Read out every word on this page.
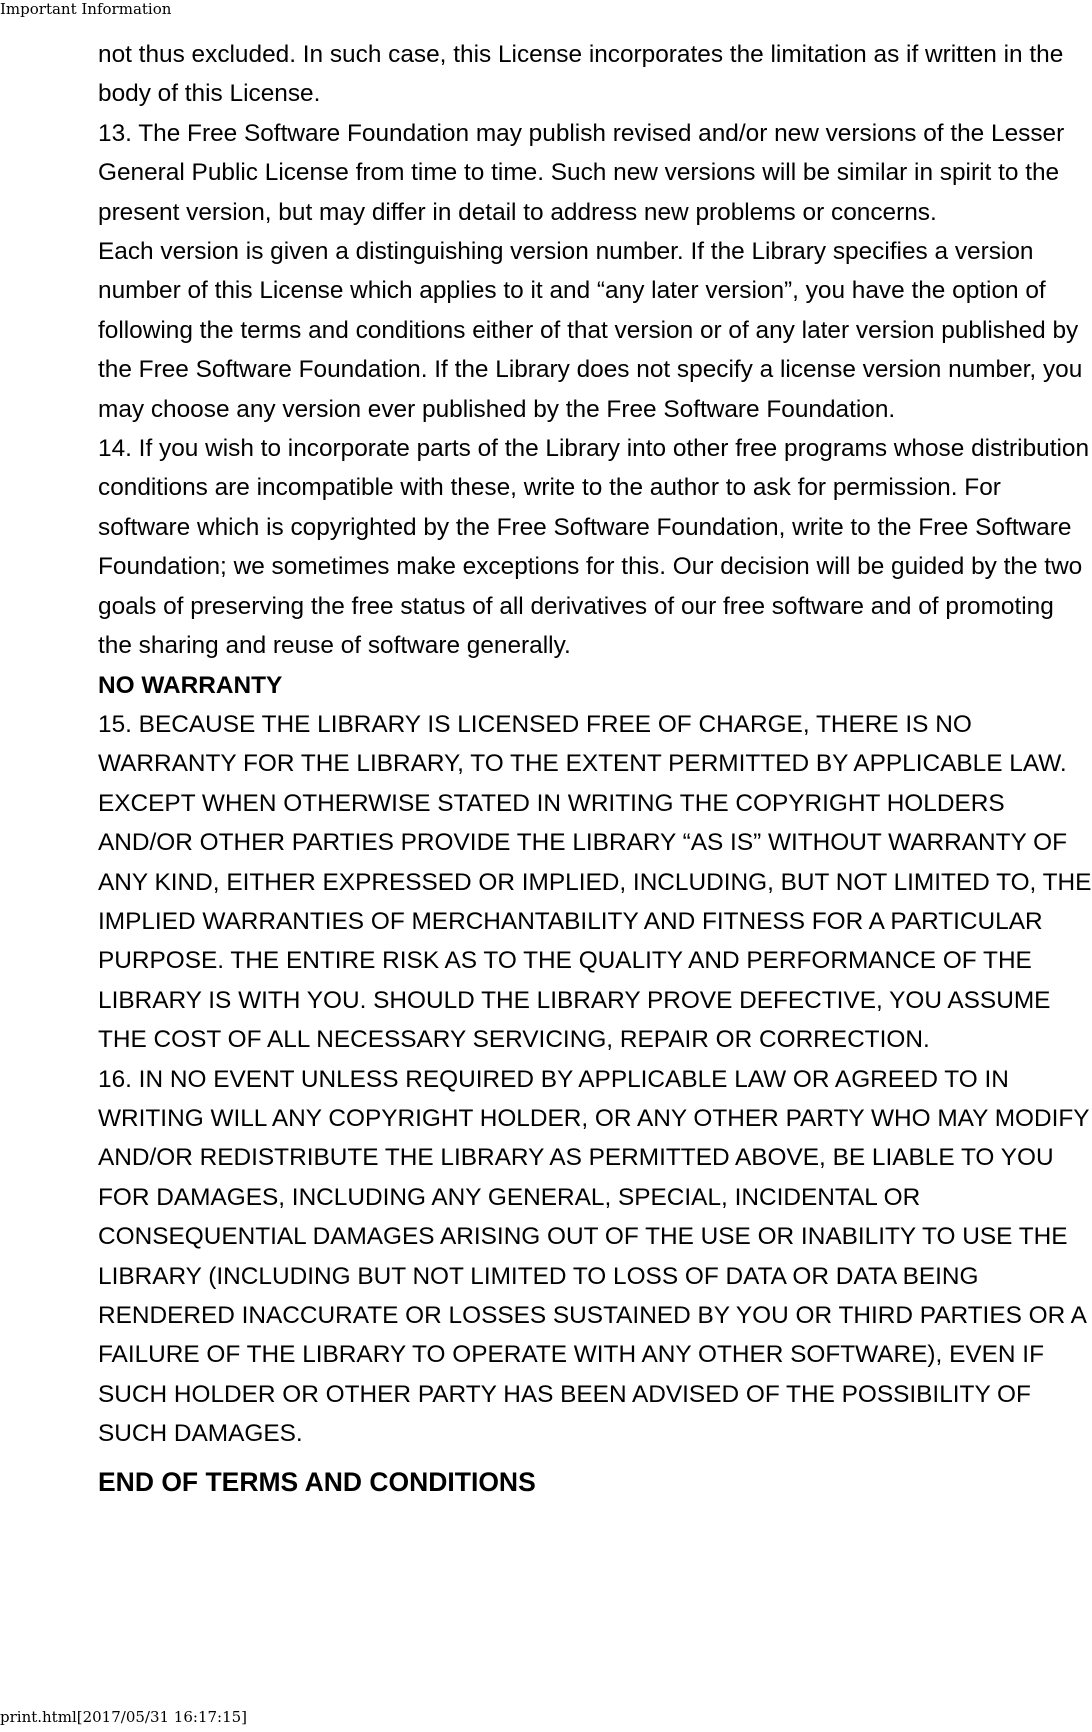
Important Information

not thus excluded. In such case, this License incorporates the limitation as if written in the body of this License.

13. The Free Software Foundation may publish revised and/or new versions of the Lesser General Public License from time to time. Such new versions will be similar in spirit to the present version, but may differ in detail to address new problems or concerns.

Each version is given a distinguishing version number. If the Library specifies a version number of this License which applies to it and “any later version”, you have the option of following the terms and conditions either of that version or of any later version published by the Free Software Foundation. If the Library does not specify a license version number, you may choose any version ever published by the Free Software Foundation.

14. If you wish to incorporate parts of the Library into other free programs whose distribution conditions are incompatible with these, write to the author to ask for permission. For software which is copyrighted by the Free Software Foundation, write to the Free Software Foundation; we sometimes make exceptions for this. Our decision will be guided by the two goals of preserving the free status of all derivatives of our free software and of promoting the sharing and reuse of software generally.

NO WARRANTY

15. BECAUSE THE LIBRARY IS LICENSED FREE OF CHARGE, THERE IS NO WARRANTY FOR THE LIBRARY, TO THE EXTENT PERMITTED BY APPLICABLE LAW. EXCEPT WHEN OTHERWISE STATED IN WRITING THE COPYRIGHT HOLDERS AND/OR OTHER PARTIES PROVIDE THE LIBRARY “AS IS” WITHOUT WARRANTY OF ANY KIND, EITHER EXPRESSED OR IMPLIED, INCLUDING, BUT NOT LIMITED TO, THE IMPLIED WARRANTIES OF MERCHANTABILITY AND FITNESS FOR A PARTICULAR PURPOSE. THE ENTIRE RISK AS TO THE QUALITY AND PERFORMANCE OF THE LIBRARY IS WITH YOU. SHOULD THE LIBRARY PROVE DEFECTIVE, YOU ASSUME THE COST OF ALL NECESSARY SERVICING, REPAIR OR CORRECTION.

16. IN NO EVENT UNLESS REQUIRED BY APPLICABLE LAW OR AGREED TO IN WRITING WILL ANY COPYRIGHT HOLDER, OR ANY OTHER PARTY WHO MAY MODIFY AND/OR REDISTRIBUTE THE LIBRARY AS PERMITTED ABOVE, BE LIABLE TO YOU FOR DAMAGES, INCLUDING ANY GENERAL, SPECIAL, INCIDENTAL OR CONSEQUENTIAL DAMAGES ARISING OUT OF THE USE OR INABILITY TO USE THE LIBRARY (INCLUDING BUT NOT LIMITED TO LOSS OF DATA OR DATA BEING RENDERED INACCURATE OR LOSSES SUSTAINED BY YOU OR THIRD PARTIES OR A FAILURE OF THE LIBRARY TO OPERATE WITH ANY OTHER SOFTWARE), EVEN IF SUCH HOLDER OR OTHER PARTY HAS BEEN ADVISED OF THE POSSIBILITY OF SUCH DAMAGES.

END OF TERMS AND CONDITIONS

print.html[2017/05/31 16:17:15]
